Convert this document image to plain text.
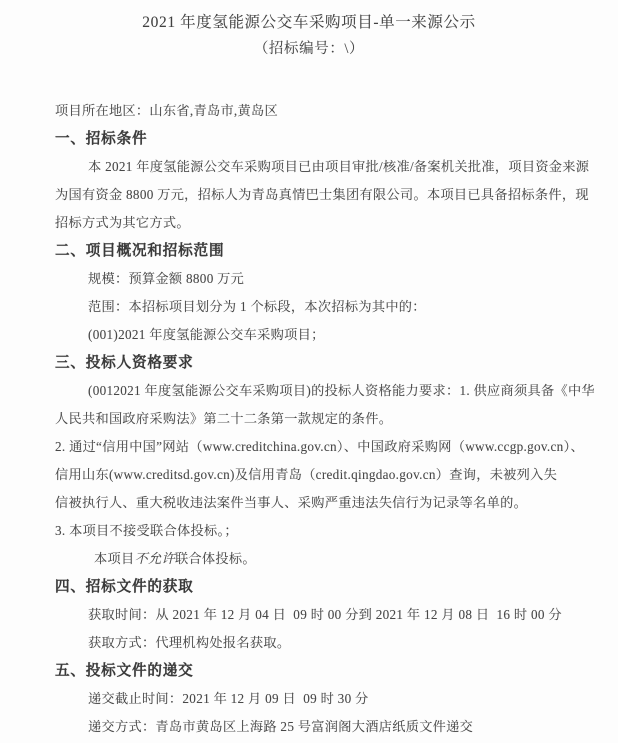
2021 年度氢能源公交车采购项目-单一来源公示
（招标编号：\）
项目所在地区：山东省,青岛市,黄岛区
一、招标条件
本 2021 年度氢能源公交车采购项目已由项目审批/核准/备案机关批准，项目资金来源
为国有资金 8800 万元，招标人为青岛真情巴士集团有限公司。本项目已具备招标条件，现
招标方式为其它方式。
二、项目概况和招标范围
规模：预算金额 8800 万元
范围：本招标项目划分为 1 个标段，本次招标为其中的：
(001)2021 年度氢能源公交车采购项目；
三、投标人资格要求
(0012021 年度氢能源公交车采购项目)的投标人资格能力要求：1. 供应商须具备《中华
人民共和国政府采购法》第二十二条第一款规定的条件。
2. 通过“信用中国”网站（www.creditchina.gov.cn）、中国政府采购网（www.ccgp.gov.cn）、
信用山东(www.creditsd.gov.cn)及信用青岛（credit.qingdao.gov.cn）查询，未被列入失
信被执行人、重大税收违法案件当事人、采购严重违法失信行为记录等名单的。
3. 本项目不接受联合体投标。；
本项目不允许联合体投标。
四、招标文件的获取
获取时间：从 2021 年 12 月 04 日  09 时 00 分到 2021 年 12 月 08 日  16 时 00 分
获取方式：代理机构处报名获取。
五、投标文件的递交
递交截止时间：2021 年 12 月 09 日  09 时 30 分
递交方式：青岛市黄岛区上海路 25 号富润阁大酒店纸质文件递交
